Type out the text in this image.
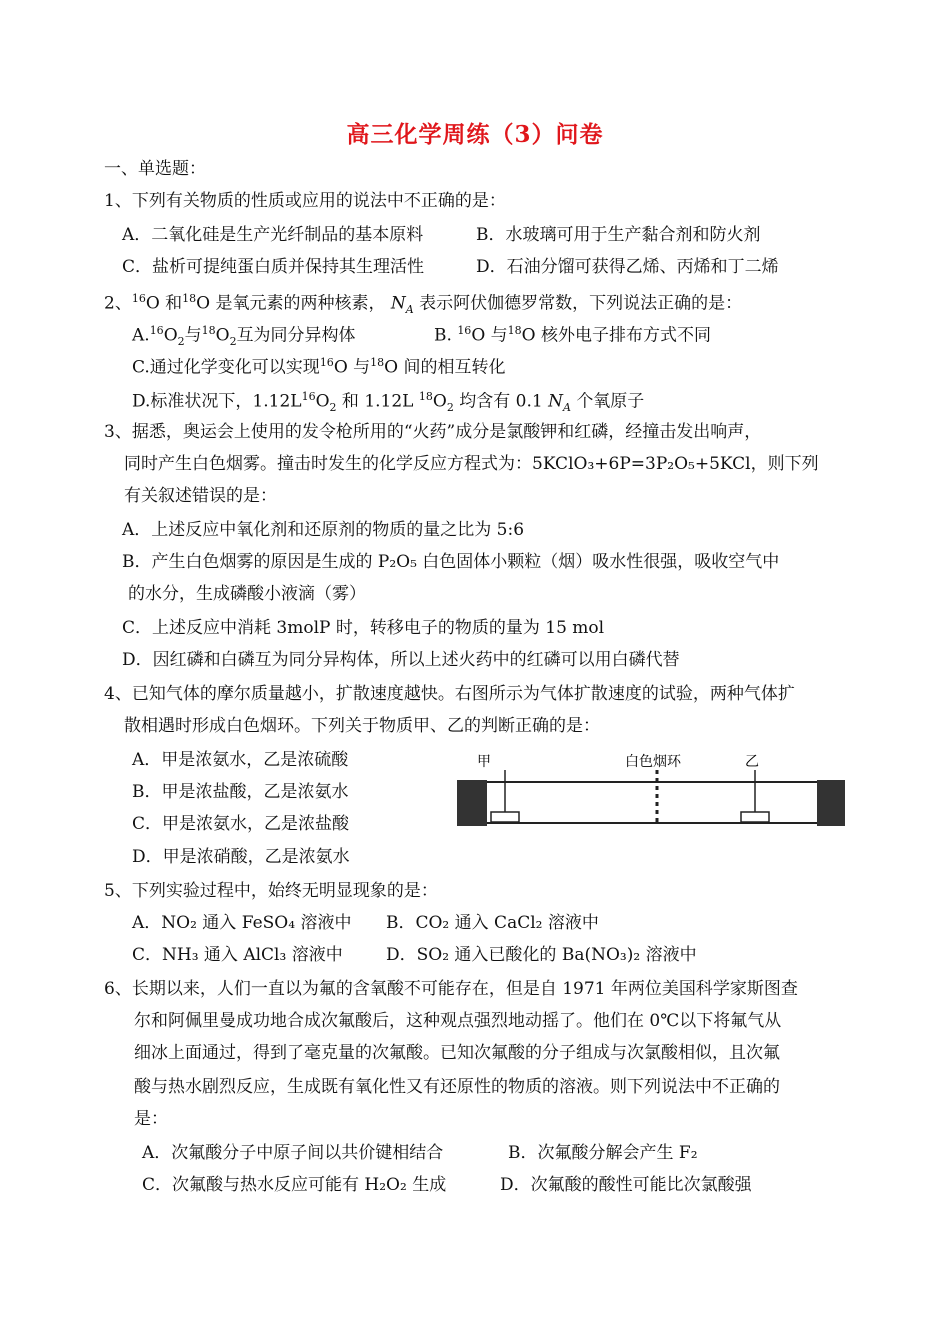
高三化学周练（3）问卷
一、单选题：
1、下列有关物质的性质或应用的说法中不正确的是：
A．二氧化硅是生产光纤制品的基本原料	B．水玻璃可用于生产黏合剂和防火剂
C．盐析可提纯蛋白质并保持其生理活性	D．石油分馏可获得乙烯、丙烯和丁二烯
2、$^{16}$O 和$^{18}$O 是氧元素的两种核素， $N_A$ 表示阿伏伽德罗常数，下列说法正确的是：
$A.^{16}O_2$与$^{18}O_2$互为同分异构体	B. $^{16}$O 与$^{18}$O 核外电子排布方式不同
C.通过化学变化可以实现$^{16}$O 与$^{18}$O 间的相互转化
D.标准状况下，$1.12L^{16}O_2$ 和 1.12L $^{18}O_2$ 均含有 0.1 $N_A$ 个氧原子
3、据悉，奥运会上使用的发令枪所用的“火药”成分是氯酸钾和红磷，经撞击发出响声，
同时产生白色烟雾。撞击时发生的化学反应方程式为：5KClO₃+6P=3P₂O₅+5KCl，则下列
有关叙述错误的是：
A．上述反应中氧化剂和还原剂的物质的量之比为 5:6
B．产生白色烟雾的原因是生成的 P₂O₅ 白色固体小颗粒（烟）吸水性很强，吸收空气中
的水分，生成磷酸小液滴（雾）
C．上述反应中消耗 3molP 时，转移电子的物质的量为 15 mol
D．因红磷和白磷互为同分异构体，所以上述火药中的红磷可以用白磷代替
4、已知气体的摩尔质量越小，扩散速度越快。右图所示为气体扩散速度的试验，两种气体扩
散相遇时形成白色烟环。下列关于物质甲、乙的判断正确的是：
A．甲是浓氨水，乙是浓硫酸
B．甲是浓盐酸，乙是浓氨水
C．甲是浓氨水，乙是浓盐酸
D．甲是浓硝酸，乙是浓氨水
甲	白色烟环	乙
5、下列实验过程中，始终无明显现象的是：
A．NO₂ 通入 FeSO₄ 溶液中 B．CO₂ 通入 CaCl₂ 溶液中
C．NH₃ 通入 AlCl₃ 溶液中	D．SO₂ 通入已酸化的 Ba(NO₃)₂ 溶液中
6、长期以来，人们一直以为氟的含氧酸不可能存在，但是自 1971 年两位美国科学家斯图查
尔和阿佩里曼成功地合成次氟酸后，这种观点强烈地动摇了。他们在 0℃以下将氟气从
细冰上面通过，得到了毫克量的次氟酸。已知次氟酸的分子组成与次氯酸相似，且次氟
酸与热水剧烈反应，生成既有氧化性又有还原性的物质的溶液。则下列说法中不正确的
是：
A．次氟酸分子中原子间以共价键相结合	B．次氟酸分解会产生 F₂
C．次氟酸与热水反应可能有 H₂O₂ 生成	D．次氟酸的酸性可能比次氯酸强
